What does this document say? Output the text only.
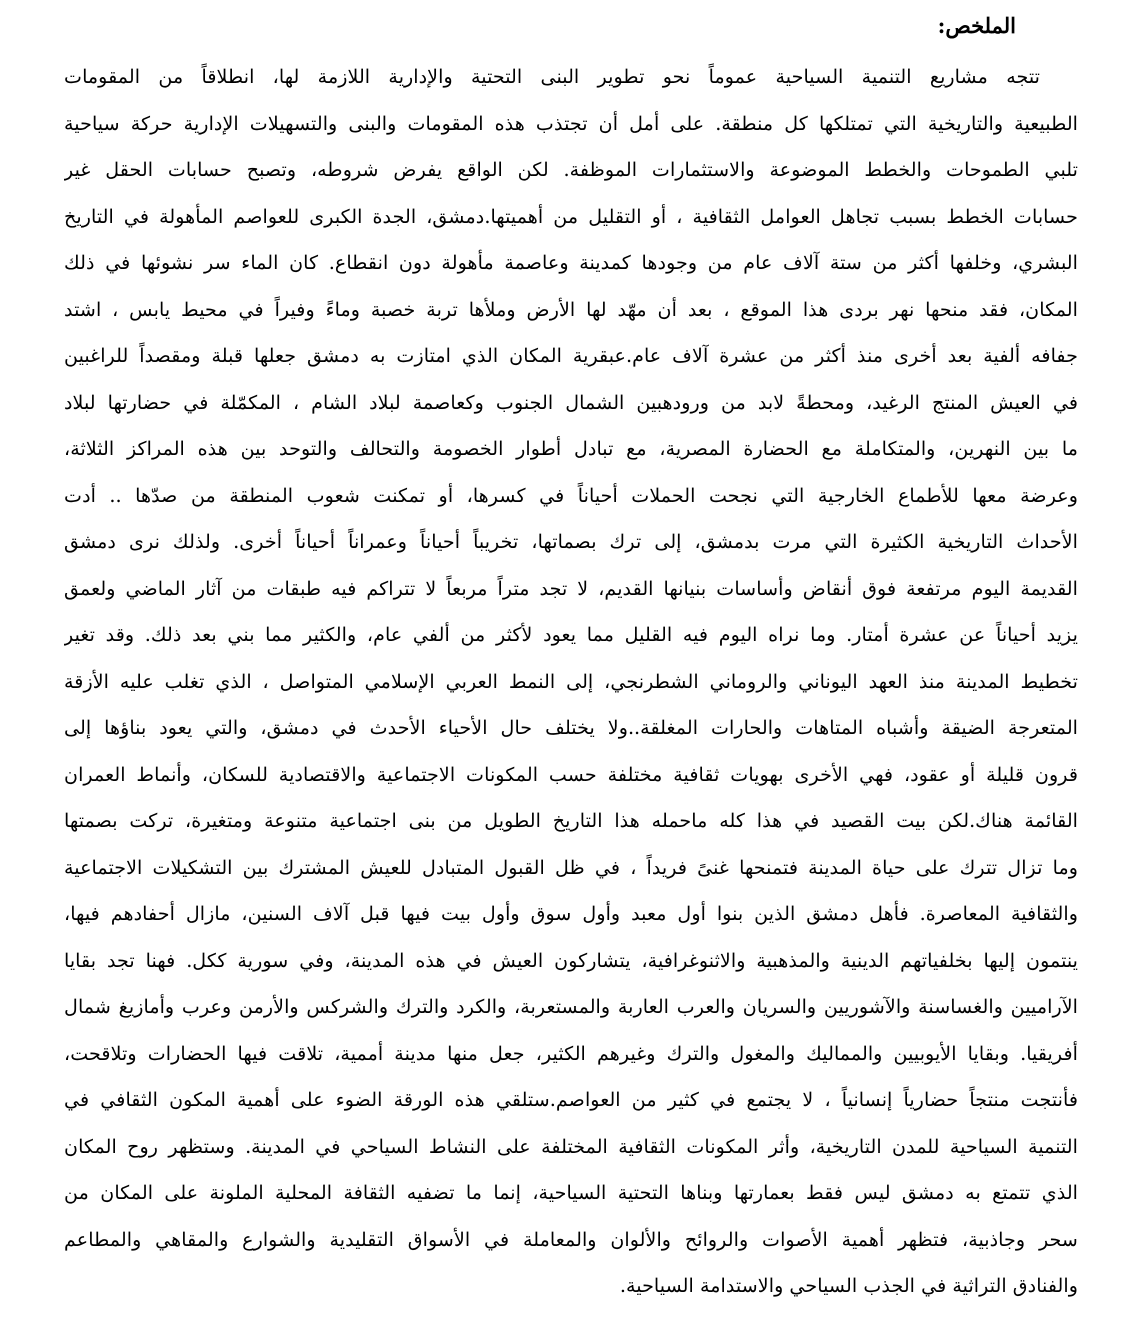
الملخص:
تتجه مشاريع التنمية السياحية عموماً نحو تطوير البنى التحتية والإدارية اللازمة لها، انطلاقاً من المقومات
الطبيعية والتاريخية التي تمتلكها كل منطقة. على أمل أن تجتذب هذه المقومات والبنى والتسهيلات الإدارية حركة سياحية
تلبي الطموحات والخطط الموضوعة والاستثمارات الموظفة. لكن الواقع يفرض شروطه، وتصبح حسابات الحقل غير
حسابات الخطط بسبب تجاهل العوامل الثقافية ، أو التقليل من أهميتها.دمشق، الجدة الكبرى للعواصم المأهولة في التاريخ
البشري، وخلفها أكثر من ستة آلاف عام من وجودها كمدينة وعاصمة مأهولة دون انقطاع. كان الماء سر نشوئها في ذلك
المكان، فقد منحها نهر بردى هذا الموقع ، بعد أن مهّد لها الأرض وملأها تربة خصبة وماءً وفيراً في محيط يابس ، اشتد
جفافه ألفية بعد أخرى منذ أكثر من عشرة آلاف عام.عبقرية المكان الذي امتازت به دمشق جعلها قبلة ومقصداً للراغبين
في العيش المنتج الرغيد، ومحطةً لابد من ورودهبين الشمال الجنوب وكعاصمة لبلاد الشام ، المكمّلة في حضارتها لبلاد
ما بين النهرين، والمتكاملة مع الحضارة المصرية، مع تبادل أطوار الخصومة والتحالف والتوحد بين هذه المراكز الثلاثة،
وعرضة معها للأطماع الخارجية التي نجحت الحملات أحياناً في كسرها، أو تمكنت شعوب المنطقة من صدّها .. أدت
الأحداث التاريخية الكثيرة التي مرت بدمشق، إلى ترك بصماتها، تخريباً أحياناً وعمراناً أحياناً أخرى. ولذلك نرى دمشق
القديمة اليوم مرتفعة فوق أنقاض وأساسات بنيانها القديم، لا تجد متراً مربعاً لا تتراكم فيه طبقات من آثار الماضي ولعمق
يزيد أحياناً عن عشرة أمتار. وما نراه اليوم فيه القليل مما يعود لأكثر من ألفي عام، والكثير مما بني بعد ذلك. وقد تغير
تخطيط المدينة منذ العهد اليوناني والروماني الشطرنجي، إلى النمط العربي الإسلامي المتواصل ، الذي تغلب عليه الأزقة
المتعرجة الضيقة وأشباه المتاهات والحارات المغلقة..ولا يختلف حال الأحياء الأحدث في دمشق، والتي يعود بناؤها إلى
قرون قليلة أو عقود، فهي الأخرى بهويات ثقافية مختلفة حسب المكونات الاجتماعية والاقتصادية للسكان، وأنماط العمران
القائمة هناك.لكن بيت القصيد في هذا كله ماحمله هذا التاريخ الطويل من بنى اجتماعية متنوعة ومتغيرة، تركت بصمتها
وما تزال تترك على حياة المدينة فتمنحها غنىً فريداً ، في ظل القبول المتبادل للعيش المشترك بين التشكيلات الاجتماعية
والثقافية المعاصرة. فأهل دمشق الذين بنوا أول معبد وأول سوق وأول بيت فيها قبل آلاف السنين، مازال أحفادهم فيها،
ينتمون إليها بخلفياتهم الدينية والمذهبية والاثنوغرافية، يتشاركون العيش في هذه المدينة، وفي سورية ككل. فهنا تجد بقايا
الآراميين والغساسنة والآشوريين والسريان والعرب العاربة والمستعربة، والكرد والترك والشركس والأرمن وعرب وأمازيغ شمال
أفريقيا. وبقايا الأيوبيين والمماليك والمغول والترك وغيرهم الكثير، جعل منها مدينة أممية، تلاقت فيها الحضارات وتلاقحت،
فأنتجت منتجاً حضارياً إنسانياً ، لا يجتمع في كثير من العواصم.ستلقي هذه الورقة الضوء على أهمية المكون الثقافي في
التنمية السياحية للمدن التاريخية، وأثر المكونات الثقافية المختلفة على النشاط السياحي في المدينة. وستظهر روح المكان
الذي تتمتع به دمشق ليس فقط بعمارتها وبناها التحتية السياحية، إنما ما تضفيه الثقافة المحلية الملونة على المكان من
سحر وجاذبية، فتظهر أهمية الأصوات والروائح والألوان والمعاملة في الأسواق التقليدية والشوارع والمقاهي والمطاعم
والفنادق التراثية في الجذب السياحي والاستدامة السياحية.
